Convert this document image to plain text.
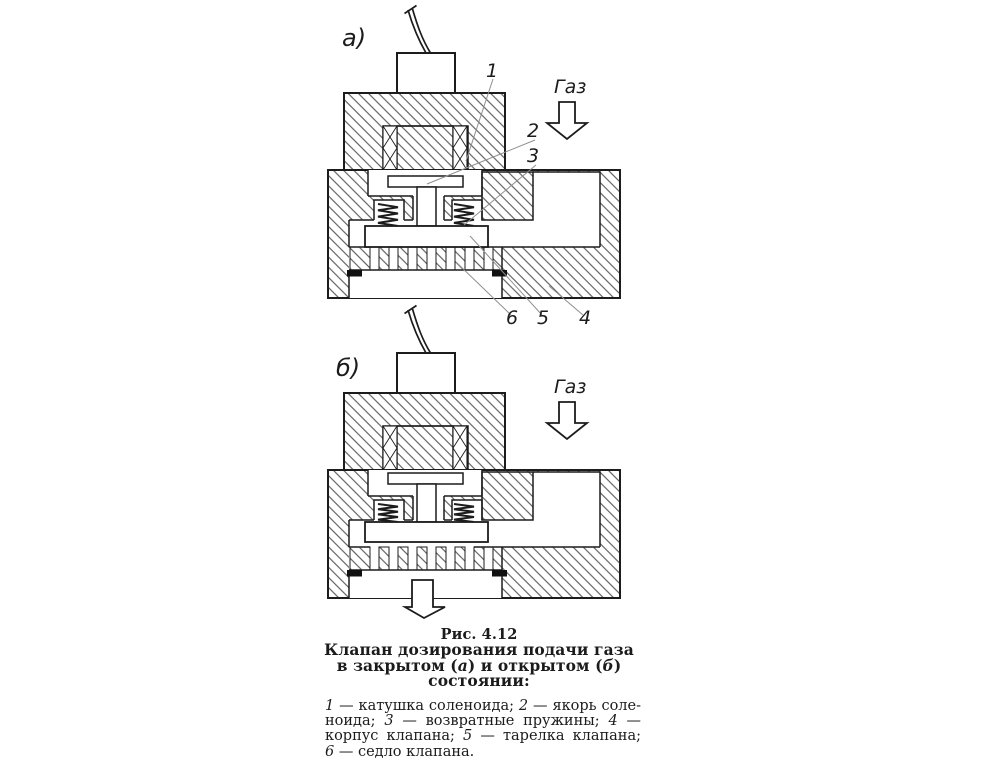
Газ
Газ
а)
б)
1
2
3
6 5 4
Рис. 4.12
Клапан дозирования подачи газа
в закрытом (а) и открытом (б)
состоянии:
1 — катушка соленоида; 2 — якорь соле-
ноида; 3 — возвратные пружины; 4 —
корпус клапана; 5 — тарелка клапана;
6 — седло клапана.
